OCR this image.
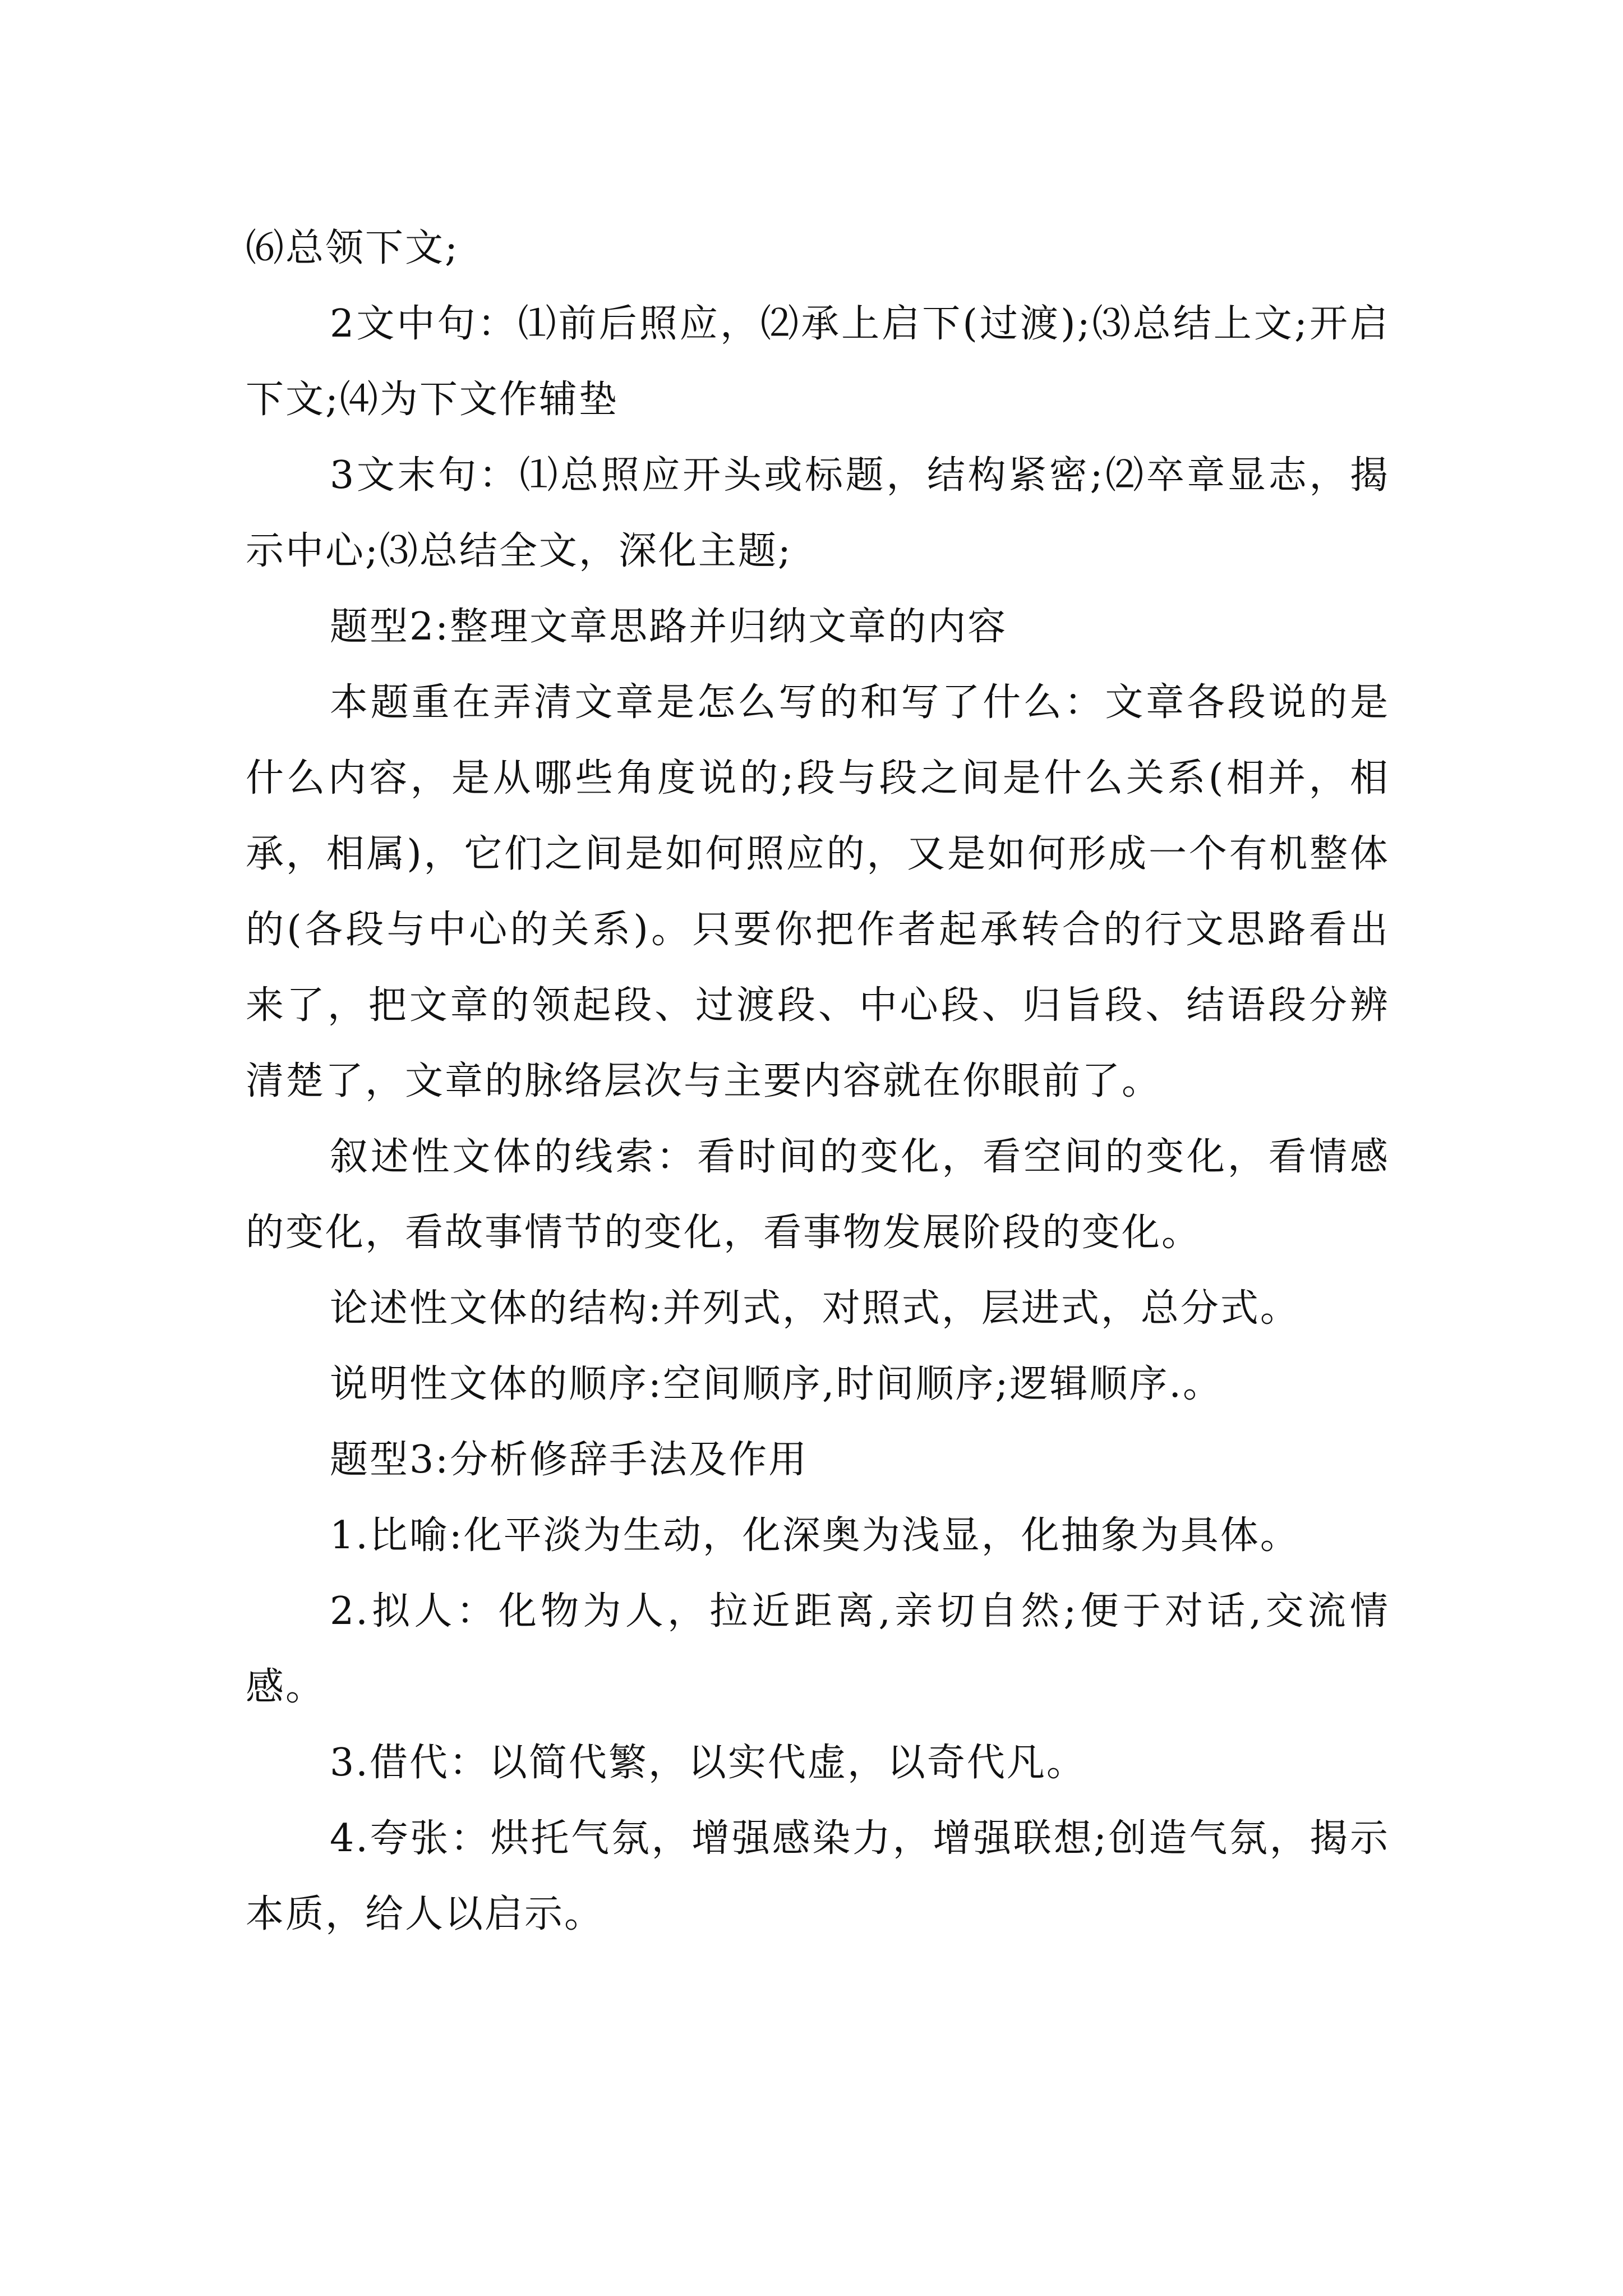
⑹总领下文;

2文中句：⑴前后照应，⑵承上启下(过渡);⑶总结上文;开启下文;⑷为下文作辅垫

3文末句：⑴总照应开头或标题，结构紧密;⑵卒章显志，揭示中心;⑶总结全文，深化主题;

题型2:整理文章思路并归纳文章的内容

本题重在弄清文章是怎么写的和写了什么：文章各段说的是什么内容，是从哪些角度说的;段与段之间是什么关系(相并，相承，相属)，它们之间是如何照应的，又是如何形成一个有机整体的(各段与中心的关系)。只要你把作者起承转合的行文思路看出来了，把文章的领起段、过渡段、中心段、归旨段、结语段分辨清楚了，文章的脉络层次与主要内容就在你眼前了。

叙述性文体的线索：看时间的变化，看空间的变化，看情感的变化，看故事情节的变化，看事物发展阶段的变化。

论述性文体的结构:并列式，对照式，层进式，总分式。

说明性文体的顺序:空间顺序,时间顺序;逻辑顺序.。

题型3:分析修辞手法及作用

1.比喻:化平淡为生动，化深奥为浅显，化抽象为具体。

2.拟人：化物为人，拉近距离,亲切自然;便于对话,交流情感。

3.借代：以简代繁，以实代虚，以奇代凡。

4.夸张：烘托气氛，增强感染力，增强联想;创造气氛，揭示本质，给人以启示。
